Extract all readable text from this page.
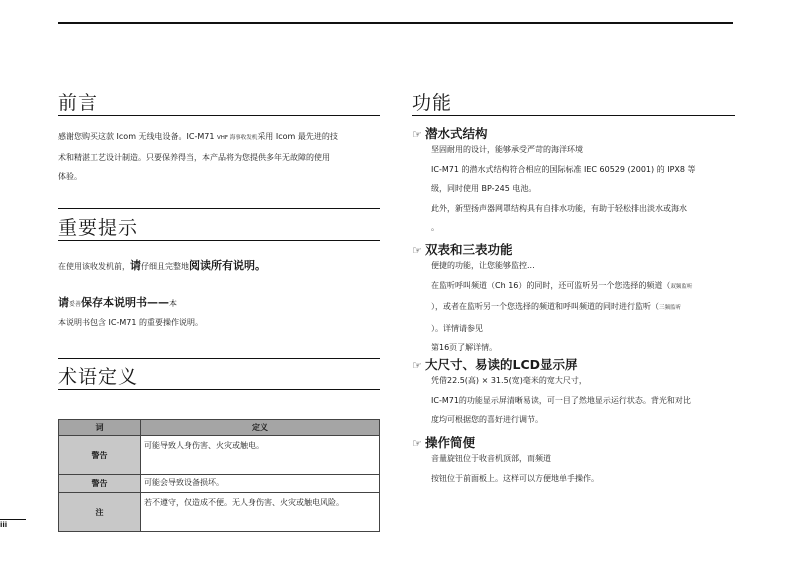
前言
感谢您购买这款 Icom 无线电设备。IC-M71 VHF 海事收发机采用 Icom 最先进的技
术和精湛工艺设计制造。只要保养得当，本产品将为您提供多年无故障的使用
体验。
重要提示
在使用该收发机前，请仔细且完整地阅读所有说明。
请妥善保存本说明书——本
本说明书包含 IC-M71 的重要操作说明。
术语定义
词	定义
警告	可能导致人身伤害、火灾或触电。
警告	可能会导致设备损坏。
注	若不遵守，仅造成不便。无人身伤害、火灾或触电风险。
iii
功能
☞ 潜水式结构
坚固耐用的设计，能够承受严苛的海洋环境
IC-M71 的潜水式结构符合相应的国际标准 IEC 60529 (2001) 的 IPX8 等
级，同时使用 BP-245 电池。
此外，新型扬声器网罩结构具有自排水功能，有助于轻松排出淡水或海水
。
☞ 双表和三表功能
便捷的功能，让您能够监控...
在监听呼叫频道（Ch 16）的同时，还可监听另一个您选择的频道（双频监听
），或者在监听另一个您选择的频道和呼叫频道的同时进行监听（三频监听
）。详情请参见
第16页了解详情。
☞ 大尺寸、易读的LCD显示屏
凭借22.5(高) × 31.5(宽)毫米的宽大尺寸，
IC-M71的功能显示屏清晰易读，可一目了然地显示运行状态。背光和对比
度均可根据您的喜好进行调节。
☞ 操作简便
音量旋钮位于收音机顶部，而频道
按钮位于前面板上。这样可以方便地单手操作。
